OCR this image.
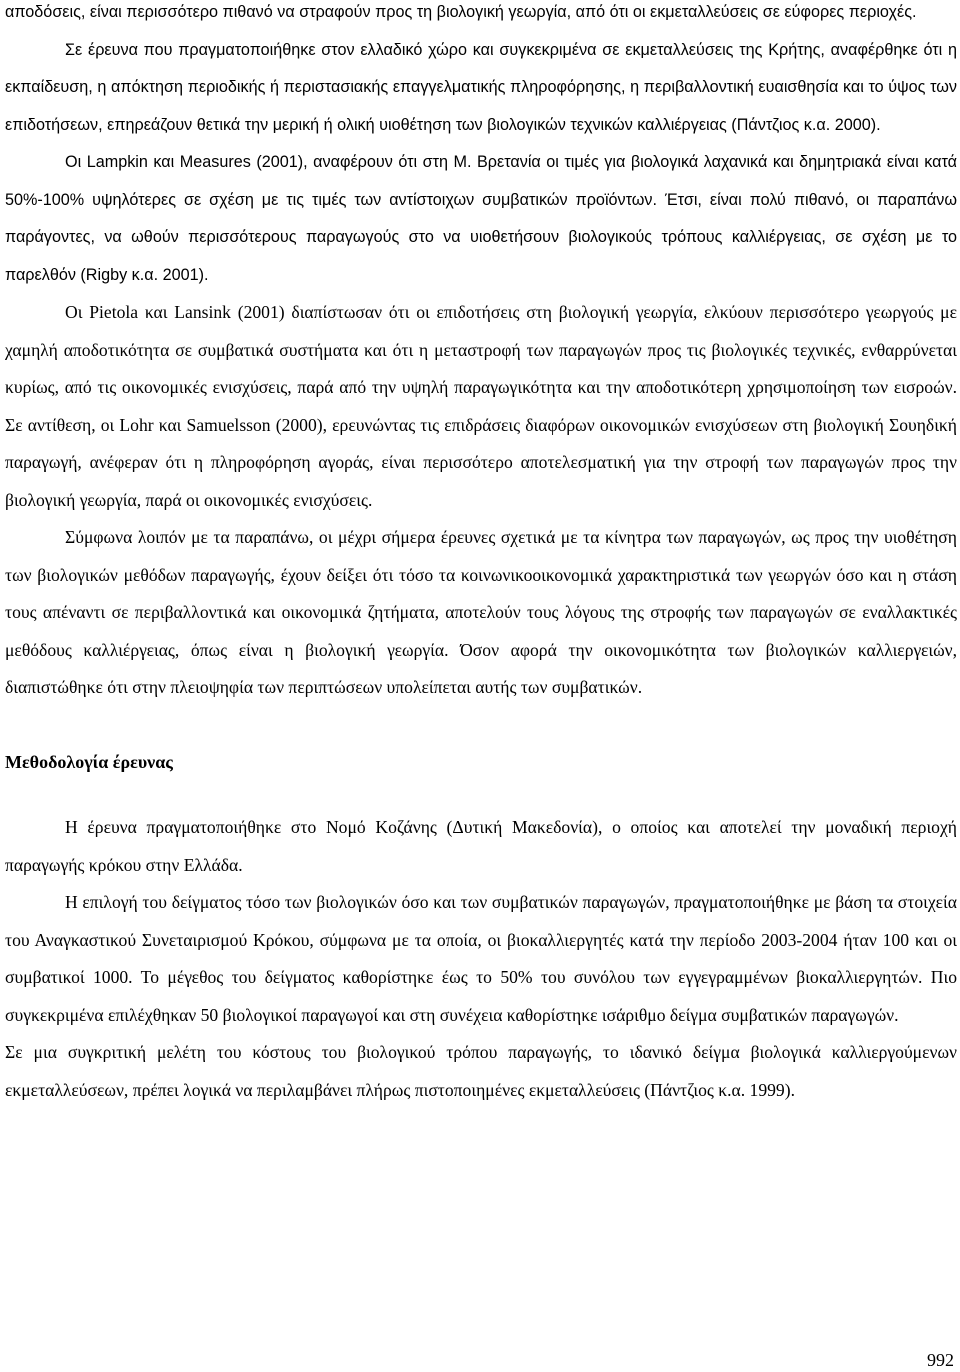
αποδόσεις, είναι περισσότερο πιθανό να στραφούν προς τη βιολογική γεωργία, από ότι οι εκμεταλλεύσεις σε εύφορες περιοχές.

Σε έρευνα που πραγματοποιήθηκε στον ελλαδικό χώρο και συγκεκριμένα σε εκμεταλλεύσεις της Κρήτης, αναφέρθηκε ότι η εκπαίδευση, η απόκτηση περιοδικής ή περιστασιακής επαγγελματικής πληροφόρησης, η περιβαλλοντική ευαισθησία και το ύψος των επιδοτήσεων, επηρεάζουν θετικά την μερική ή ολική υιοθέτηση των βιολογικών τεχνικών καλλιέργειας (Πάντζιος κ.α. 2000).

Οι Lampkin και Measures (2001), αναφέρουν ότι στη Μ. Βρετανία οι τιμές για βιολογικά λαχανικά και δημητριακά είναι κατά 50%-100% υψηλότερες σε σχέση με τις τιμές των αντίστοιχων συμβατικών προϊόντων. Έτσι, είναι πολύ πιθανό, οι παραπάνω παράγοντες, να ωθούν περισσότερους παραγωγούς στο να υιοθετήσουν βιολογικούς τρόπους καλλιέργειας, σε σχέση με το παρελθόν (Rigby κ.α. 2001).

Οι Pietola και Lansink (2001) διαπίστωσαν ότι οι επιδοτήσεις στη βιολογική γεωργία, ελκύουν περισσότερο γεωργούς με χαμηλή αποδοτικότητα σε συμβατικά συστήματα και ότι η μεταστροφή των παραγωγών προς τις βιολογικές τεχνικές, ενθαρρύνεται κυρίως, από τις οικονομικές ενισχύσεις, παρά από την υψηλή παραγωγικότητα και την αποδοτικότερη χρησιμοποίηση των εισροών. Σε αντίθεση, οι Lohr και Samuelsson (2000), ερευνώντας τις επιδράσεις διαφόρων οικονομικών ενισχύσεων στη βιολογική Σουηδική παραγωγή, ανέφεραν ότι η πληροφόρηση αγοράς, είναι περισσότερο αποτελεσματική για την στροφή των παραγωγών προς την βιολογική γεωργία, παρά οι οικονομικές ενισχύσεις.

Σύμφωνα λοιπόν με τα παραπάνω, οι μέχρι σήμερα έρευνες σχετικά με τα κίνητρα των παραγωγών, ως προς την υιοθέτηση των βιολογικών μεθόδων παραγωγής, έχουν δείξει ότι τόσο τα κοινωνικοοικονομικά χαρακτηριστικά των γεωργών όσο και η στάση τους απέναντι σε περιβαλλοντικά και οικονομικά ζητήματα, αποτελούν τους λόγους της στροφής των παραγωγών σε εναλλακτικές μεθόδους καλλιέργειας, όπως είναι η βιολογική γεωργία. Όσον αφορά την οικονομικότητα των βιολογικών καλλιεργειών, διαπιστώθηκε ότι στην πλειοψηφία των περιπτώσεων υπολείπεται αυτής των συμβατικών.

Μεθοδολογία έρευνας

Η έρευνα πραγματοποιήθηκε στο Νομό Κοζάνης (Δυτική Μακεδονία), ο οποίος και αποτελεί την μοναδική περιοχή παραγωγής κρόκου στην Ελλάδα.

Η επιλογή του δείγματος τόσο των βιολογικών όσο και των συμβατικών παραγωγών, πραγματοποιήθηκε με βάση τα στοιχεία του Αναγκαστικού Συνεταιρισμού Κρόκου, σύμφωνα με τα οποία, οι βιοκαλλιεργητές κατά την περίοδο 2003-2004 ήταν 100 και οι συμβατικοί 1000. Το μέγεθος του δείγματος καθορίστηκε έως το 50% του συνόλου των εγγεγραμμένων βιοκαλλιεργητών. Πιο συγκεκριμένα επιλέχθηκαν 50 βιολογικοί παραγωγοί και στη συνέχεια καθορίστηκε ισάριθμο δείγμα συμβατικών παραγωγών.

Σε μια συγκριτική μελέτη του κόστους του βιολογικού τρόπου παραγωγής, το ιδανικό δείγμα βιολογικά καλλιεργούμενων εκμεταλλεύσεων, πρέπει λογικά να περιλαμβάνει πλήρως πιστοποιημένες εκμεταλλεύσεις (Πάντζιος κ.α. 1999).

992
